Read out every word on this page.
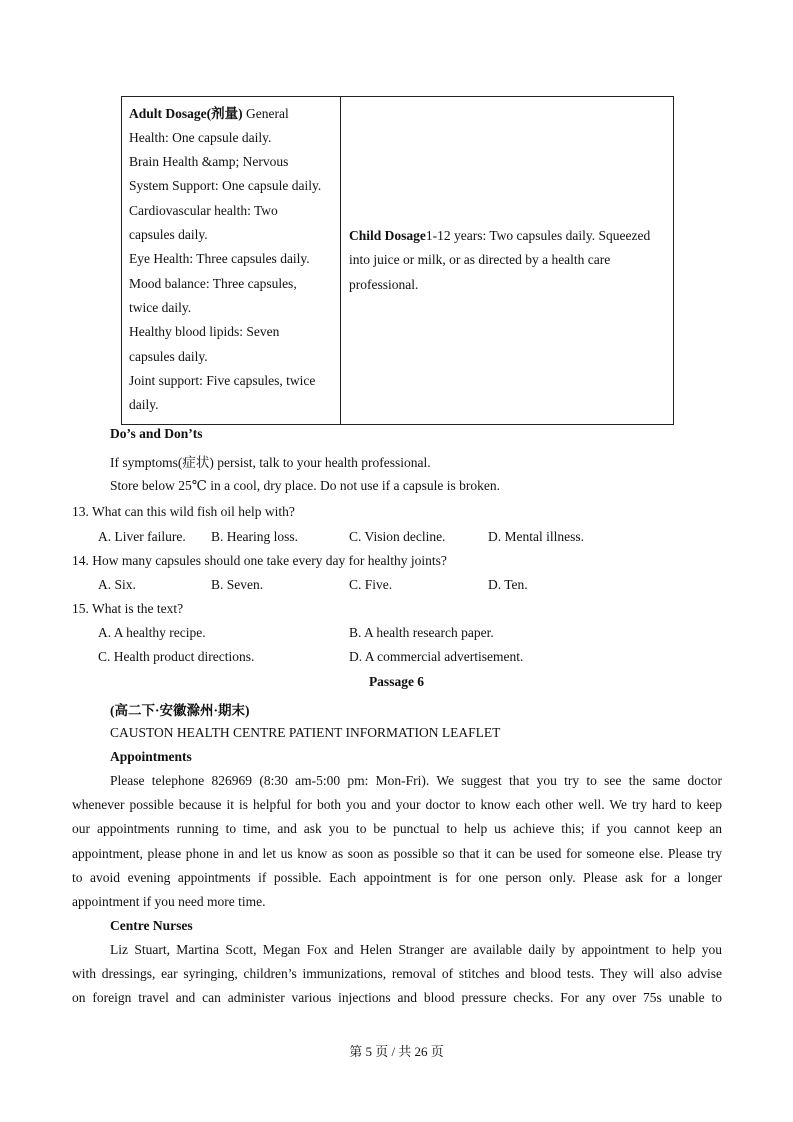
Adult Dosage(剂量) General
Health: One capsule daily.
Brain Health &amp; Nervous
System Support: One capsule daily.
Cardiovascular health: Two
capsules daily.
Eye Health: Three capsules daily.
Mood balance: Three capsules,
twice daily.
Healthy blood lipids: Seven
capsules daily.
Joint support: Five capsules, twice
daily.

Child Dosage1-12 years: Two capsules daily. Squeezed
into juice or milk, or as directed by a health care
professional.
Do’s and Don’ts
If symptoms(症状) persist, talk to your health professional.
Store below 25℃ in a cool, dry place. Do not use if a capsule is broken.
13. What can this wild fish oil help with?
A. Liver failure. B. Hearing loss.	C. Vision decline.	D. Mental illness.
14. How many capsules should one take every day for healthy joints?
A. Six.	B. Seven.	C. Five.	D. Ten.
15. What is the text?
A. A healthy recipe.	B. A health research paper.
C. Health product directions.	D. A commercial advertisement.
Passage 6
(高二下·安徽滁州·期末)
CAUSTON HEALTH CENTRE PATIENT INFORMATION LEAFLET
Appointments
Please telephone 826969 (8:30 am-5:00 pm: Mon-Fri). We suggest that you try to see the same doctor
whenever possible because it is helpful for both you and your doctor to know each other well. We try hard to keep
our appointments running to time, and ask you to be punctual to help us achieve this; if you cannot keep an
appointment, please phone in and let us know as soon as possible so that it can be used for someone else. Please try
to avoid evening appointments if possible. Each appointment is for one person only. Please ask for a longer
appointment if you need more time.
Centre Nurses
Liz Stuart, Martina Scott, Megan Fox and Helen Stranger are available daily by appointment to help you
with dressings, ear syringing, children’s immunizations, removal of stitches and blood tests. They will also advise
on foreign travel and can administer various injections and blood pressure checks. For any over 75s unable to
第 5 页 / 共 26 页
